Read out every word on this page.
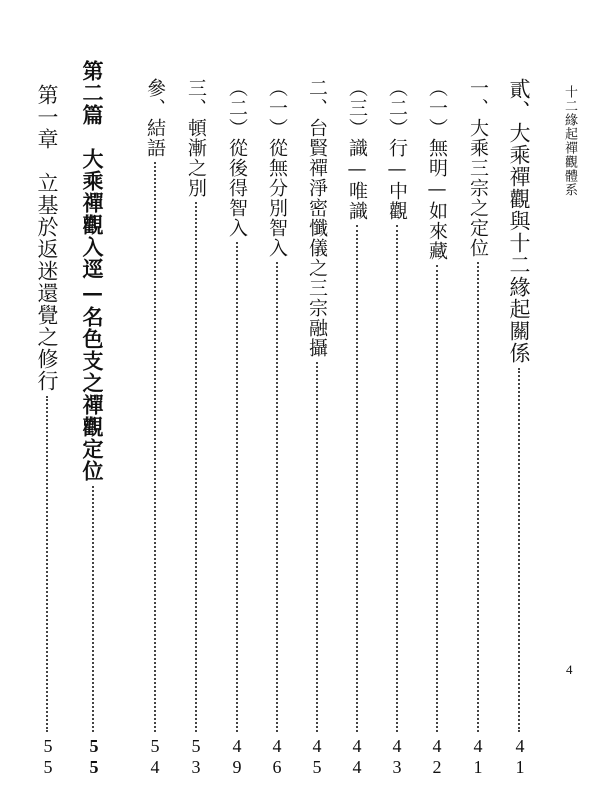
十二緣起禪觀體系
4
貳、大乘禪觀與十二緣起關係
41
一、大乘三宗之定位
41
（一）無明—如來藏
42
（二）行—中觀
43
（三）識—唯識
44
二、台賢禪淨密懺儀之三宗融攝
45
（一）從無分別智入
46
（二）從後得智入
49
三、頓漸之別
53
參、結語
54
第二篇　大乘禪觀入逕—名色支之禪觀定位
55
第一章　立基於返迷還覺之修行
55
